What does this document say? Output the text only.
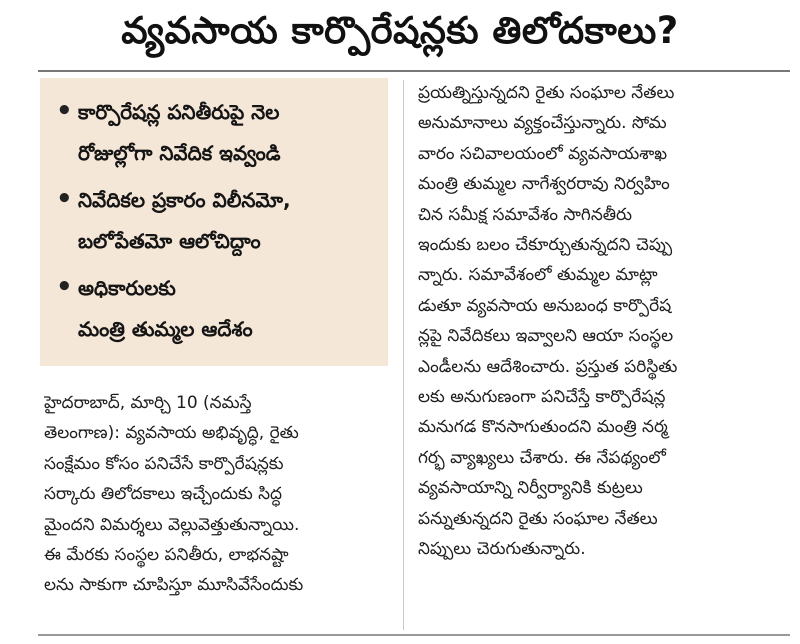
వ్యవసాయ కార్పొరేషన్లకు తిలోదకాలు?
• కార్పొరేషన్ల పనితీరుపై నెల
రోజుల్లోగా నివేదిక ఇవ్వండి
• నివేదికల ప్రకారం విలీనమో,
బలోపేతమో ఆలోచిద్దాం
• అధికారులకు
మంత్రి తుమ్మల ఆదేశం
హైదరాబాద్, మార్చి 10 (నమస్తే
తెలంగాణ): వ్యవసాయ అభివృద్ధి, రైతు
సంక్షేమం కోసం పనిచేసే కార్పొరేషన్లకు
సర్కారు తిలోదకాలు ఇచ్చేందుకు సిద్ధ
మైందని విమర్శలు వెల్లువెత్తుతున్నాయి.
ఈ మేరకు సంస్థల పనితీరు, లాభనష్టా
లను సాకుగా చూపిస్తూ మూసివేసేందుకు
ప్రయత్నిస్తున్నదని రైతు సంఘాల నేతలు
అనుమానాలు వ్యక్తంచేస్తున్నారు. సోమ
వారం సచివాలయంలో వ్యవసాయశాఖ
మంత్రి తుమ్మల నాగేశ్వరరావు నిర్వహిం
చిన సమీక్ష సమావేశం సాగినతీరు
ఇందుకు బలం చేకూర్చుతున్నదని చెప్పు
న్నారు. సమావేశంలో తుమ్మల మాట్లా
డుతూ వ్యవసాయ అనుబంధ కార్పొరేష
న్లపై నివేదికలు ఇవ్వాలని ఆయా సంస్థల
ఎండీలను ఆదేశించారు. ప్రస్తుత పరిస్థితు
లకు అనుగుణంగా పనిచేస్తే కార్పొరేషన్ల
మనుగడ కొనసాగుతుందని మంత్రి నర్మ
గర్భ వ్యాఖ్యలు చేశారు. ఈ నేపథ్యంలో
వ్యవసాయాన్ని నిర్వీర్యానికి కుట్రలు
పన్నుతున్నదని రైతు సంఘాల నేతలు
నిప్పులు చెరుగుతున్నారు.
